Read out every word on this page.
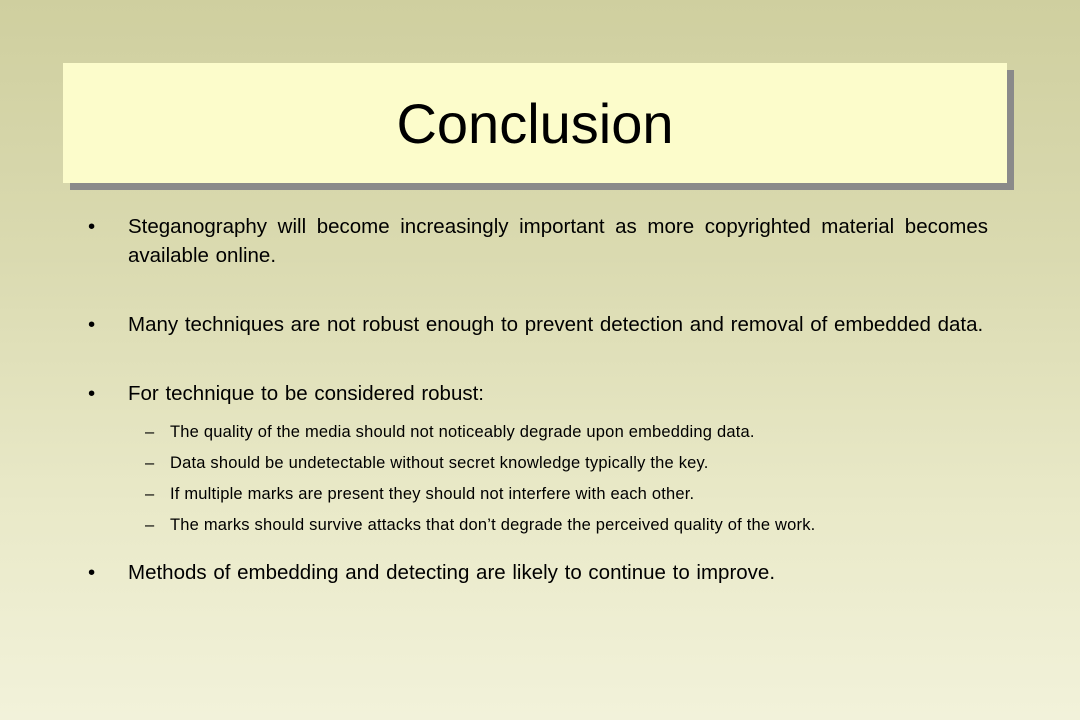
Conclusion
•	Steganography will become increasingly important as more copyrighted material becomes available online.
•	Many techniques are not robust enough to prevent detection and removal of embedded data.
•	For technique to be considered robust:
– The quality of the media should not noticeably degrade upon embedding data.
– Data should be undetectable without secret knowledge typically the key.
– If multiple marks are present they should not interfere with each other.
– The marks should survive attacks that don’t degrade the perceived quality of the work.
•	Methods of embedding and detecting are likely to continue to improve.
